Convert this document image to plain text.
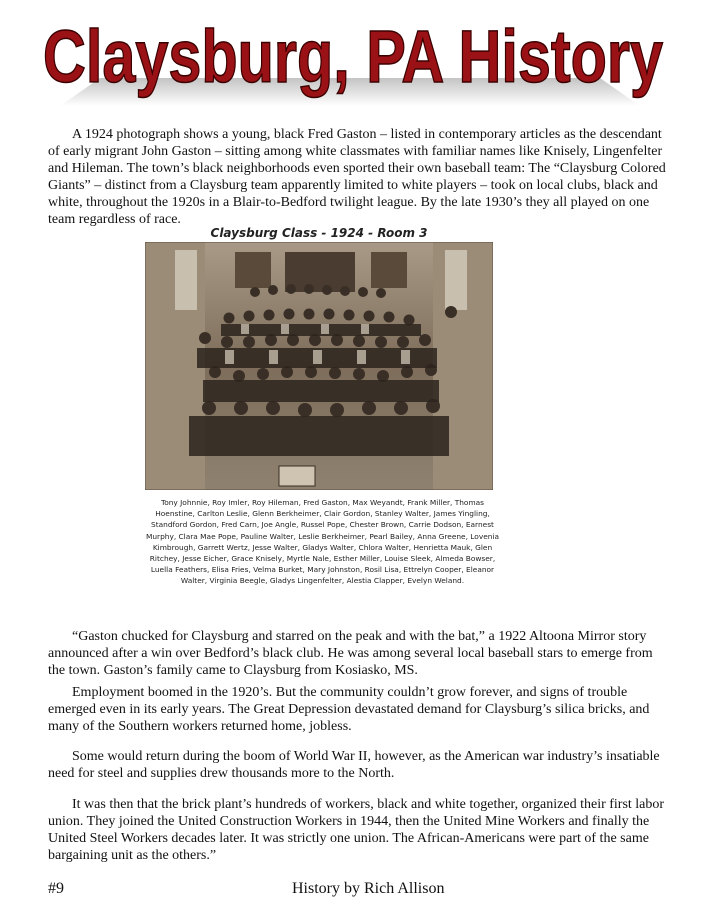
Claysburg, PA History

A 1924 photograph shows a young, black Fred Gaston – listed in contemporary articles as the descendant of early migrant John Gaston – sitting among white classmates with familiar names like Knisely, Lingenfelter and Hileman. The town’s black neighborhoods even sported their own baseball team: The “Claysburg Colored Giants” – distinct from a Claysburg team apparently limited to white players – took on local clubs, black and white, throughout the 1920s in a Blair-to-Bedford twilight league. By the late 1930’s they all played on one team regardless of race.

Claysburg Class - 1924 - Room 3
Tony Johnnie, Roy Imler, Roy Hileman, Fred Gaston, Max Weyandt, Frank Miller, Thomas Hoenstine, Carlton Leslie, Glenn Berkheimer, Clair Gordon, Stanley Walter, James Yingling, Standford Gordon, Fred Carn, Joe Angle, Russel Pope, Chester Brown, Carrie Dodson, Earnest Murphy, Clara Mae Pope, Pauline Walter, Leslie Berkheimer, Pearl Bailey, Anna Greene, Lovenia Kimbrough, Garrett Wertz, Jesse Walter, Gladys Walter, Chlora Walter, Henrietta Mauk, Glen Ritchey, Jesse Eicher, Grace Knisely, Myrtle Nale, Esther Miller, Louise Sleek, Almeda Bowser, Luella Feathers, Elisa Fries, Velma Burket, Mary Johnston, Rosil Lisa, Ettrelyn Cooper, Eleanor Walter, Virginia Beegle, Gladys Lingenfelter, Alestia Clapper, Evelyn Weland.

“Gaston chucked for Claysburg and starred on the peak and with the bat,” a 1922 Altoona Mirror story announced after a win over Bedford’s black club. He was among several local baseball stars to emerge from the town. Gaston’s family came to Claysburg from Kosiasko, MS.

Employment boomed in the 1920’s. But the community couldn’t grow forever, and signs of trouble emerged even in its early years. The Great Depression devastated demand for Claysburg’s silica bricks, and many of the Southern workers returned home, jobless.

Some would return during the boom of World War II, however, as the American war industry’s insatiable need for steel and supplies drew thousands more to the North.

It was then that the brick plant’s hundreds of workers, black and white together, organized their first labor union. They joined the United Construction Workers in 1944, then the United Mine Workers and finally the United Steel Workers decades later. It was strictly one union. The African-Americans were part of the same bargaining unit as the others.”

#9	History by Rich Allison
